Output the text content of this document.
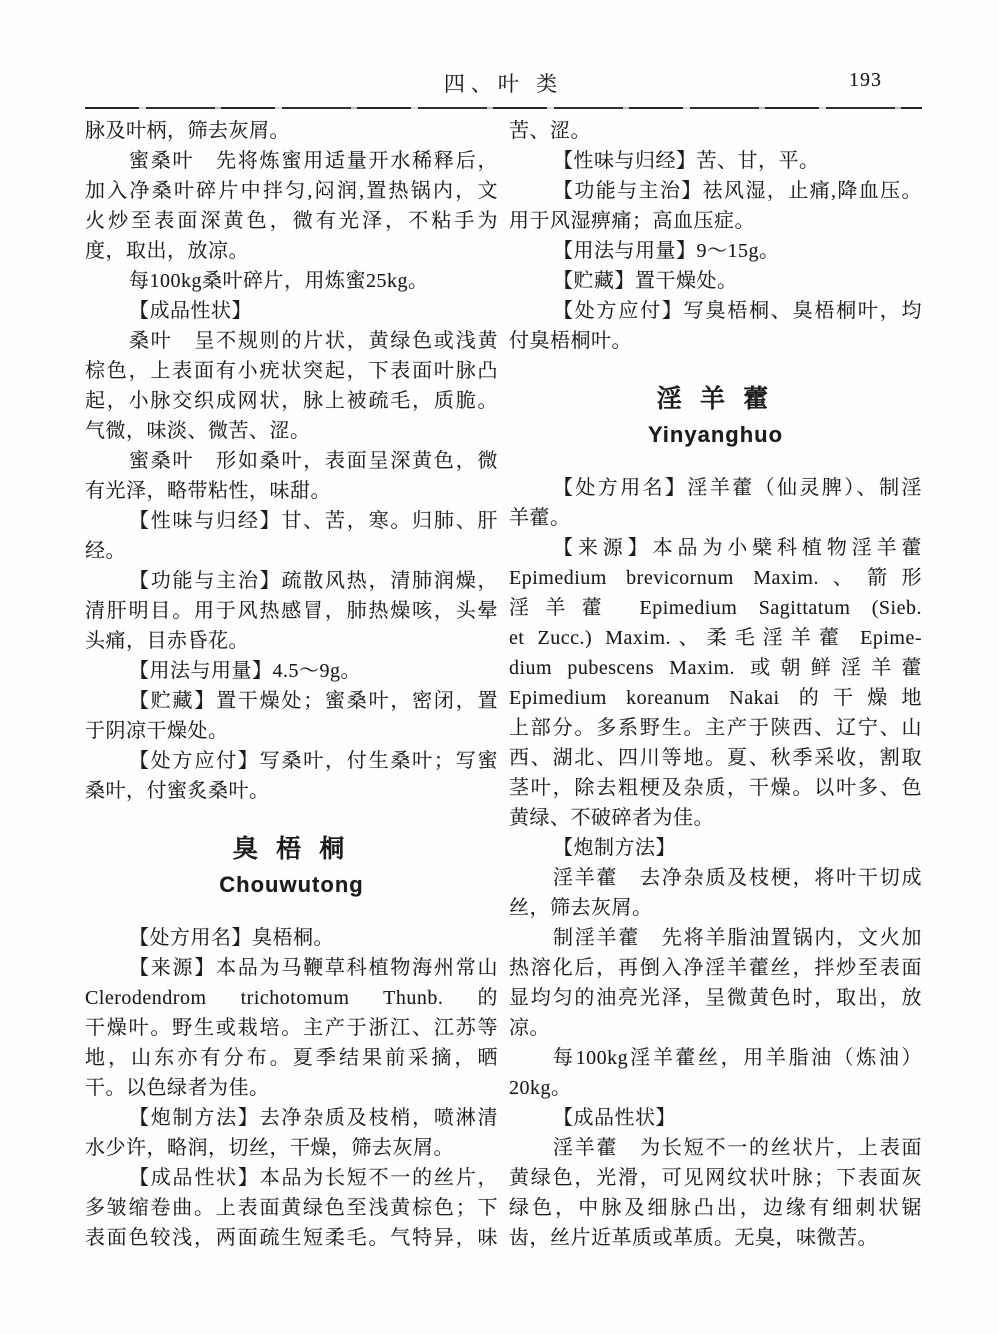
四、叶 类	193
脉及叶柄，筛去灰屑。
蜜桑叶　先将炼蜜用适量开水稀释后，
加入净桑叶碎片中拌匀,闷润,置热锅内，文
火炒至表面深黄色，微有光泽，不粘手为
度，取出，放凉。
每100kg桑叶碎片，用炼蜜25kg。
【成品性状】
桑叶　呈不规则的片状，黄绿色或浅黄
棕色，上表面有小疣状突起，下表面叶脉凸
起，小脉交织成网状，脉上被疏毛，质脆。
气微，味淡、微苦、涩。
蜜桑叶　形如桑叶，表面呈深黄色，微
有光泽，略带粘性，味甜。
【性味与归经】甘、苦，寒。归肺、肝
经。
【功能与主治】疏散风热，清肺润燥，
清肝明目。用于风热感冒，肺热燥咳，头晕
头痛，目赤昏花。
【用法与用量】4.5～9g。
【贮藏】置干燥处；蜜桑叶，密闭，置
于阴凉干燥处。
【处方应付】写桑叶，付生桑叶；写蜜
桑叶，付蜜炙桑叶。
臭 梧 桐
Chouwutong
【处方用名】臭梧桐。
【来源】本品为马鞭草科植物海州常山
Clerodendrom trichotomum Thunb. 的
干燥叶。野生或栽培。主产于浙江、江苏等
地，山东亦有分布。夏季结果前采摘，晒
干。以色绿者为佳。
【炮制方法】去净杂质及枝梢，喷淋清
水少许，略润，切丝，干燥，筛去灰屑。
【成品性状】本品为长短不一的丝片，
多皱缩卷曲。上表面黄绿色至浅黄棕色；下
表面色较浅，两面疏生短柔毛。气特异，味
苦、涩。
【性味与归经】苦、甘，平。
【功能与主治】祛风湿，止痛,降血压。
用于风湿痹痛；高血压症。
【用法与用量】9～15g。
【贮藏】置干燥处。
【处方应付】写臭梧桐、臭梧桐叶，均
付臭梧桐叶。
淫 羊 藿
Yinyanghuo
【处方用名】淫羊藿（仙灵脾）、制淫
羊藿。
【来源】本品为小檗科植物淫羊藿
Epimedium brevicornum Maxim.、箭形
淫羊藿 Epimedium Sagittatum (Sieb.
et Zucc.) Maxim.、柔毛淫羊藿 Epime-
dium pubescens Maxim. 或朝鲜淫羊藿
Epimedium koreanum Nakai 的干燥地
上部分。多系野生。主产于陕西、辽宁、山
西、湖北、四川等地。夏、秋季采收，割取
茎叶，除去粗梗及杂质，干燥。以叶多、色
黄绿、不破碎者为佳。
【炮制方法】
淫羊藿　去净杂质及枝梗，将叶干切成
丝，筛去灰屑。
制淫羊藿　先将羊脂油置锅内，文火加
热溶化后，再倒入净淫羊藿丝，拌炒至表面
显均匀的油亮光泽，呈微黄色时，取出，放
凉。
每100kg淫羊藿丝，用羊脂油（炼油）
20kg。
【成品性状】
淫羊藿　为长短不一的丝状片，上表面
黄绿色，光滑，可见网纹状叶脉；下表面灰
绿色，中脉及细脉凸出，边缘有细刺状锯
齿，丝片近革质或革质。无臭，味微苦。
